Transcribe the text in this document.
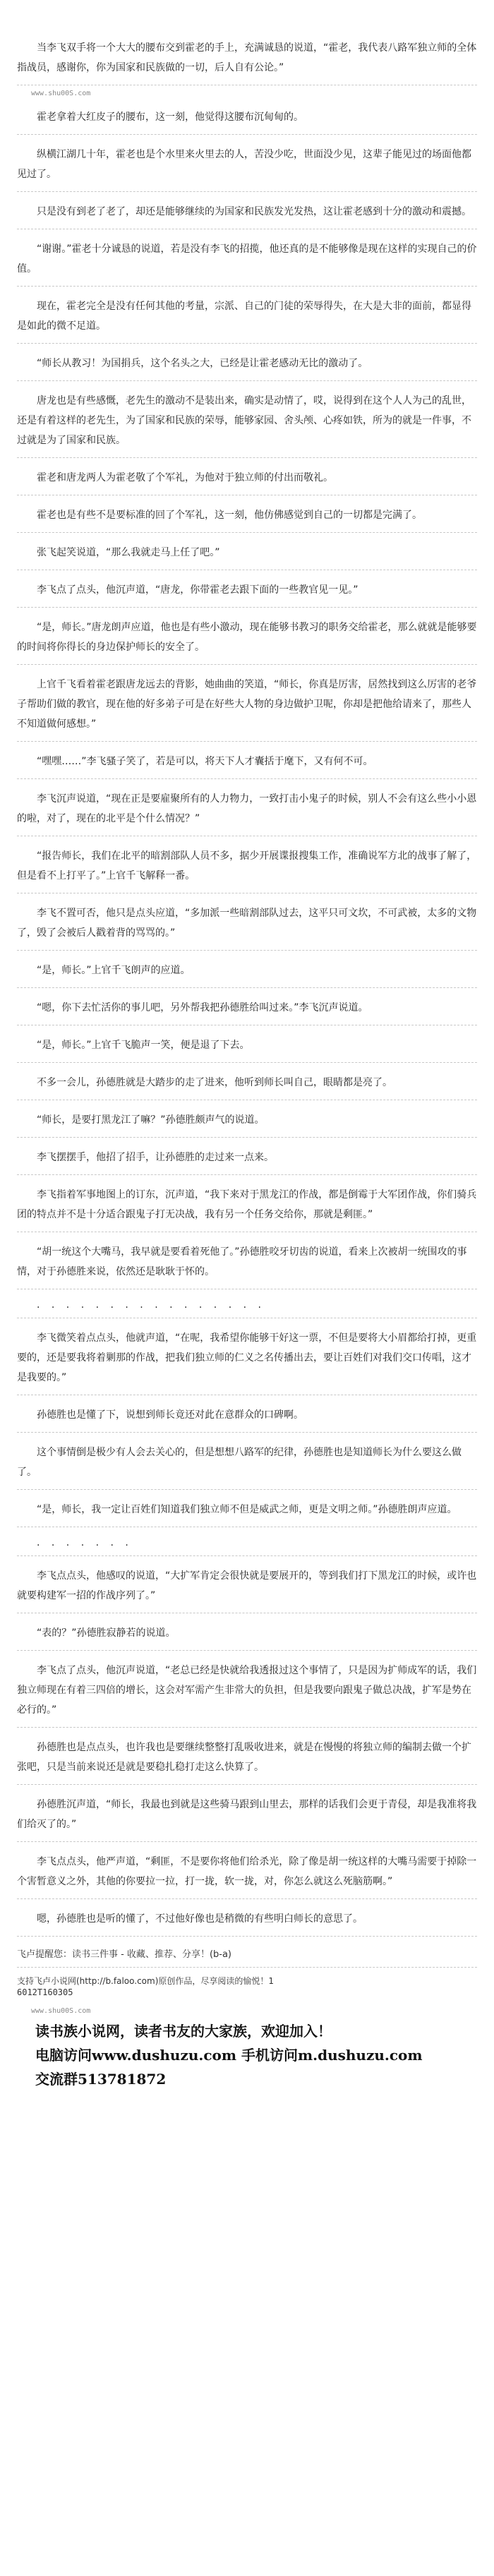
当李飞双手将一个大大的腰布交到霍老的手上，充满诚恳的说道，“霍老，我代表八路军独立师的全体指战员，感谢你，你为国家和民族做的一切，后人自有公论。”
www.shu00S.com
霍老拿着大红皮子的腰布，这一刻，他觉得这腰布沉甸甸的。
纵横江湖几十年，霍老也是个水里来火里去的人，苦没少吃，世面没少见，这辈子能见过的场面他都见过了。
只是没有到老了老了，却还是能够继续的为国家和民族发光发热，这让霍老感到十分的激动和震撼。
“谢谢。”霍老十分诚恳的说道，若是没有李飞的招揽，他还真的是不能够像是现在这样的实现自己的价值。
现在，霍老完全是没有任何其他的考量，宗派、自己的门徒的荣辱得失，在大是大非的面前，都显得是如此的微不足道。
“师长从教习！为国捐兵，这个名头之大，已经是让霍老感动无比的激动了。
唐龙也是有些感慨，老先生的激动不是装出来，确实是动情了，哎，说得到在这个人人为己的乱世，还是有着这样的老先生，为了国家和民族的荣辱，能够家园、舍头颅、心疼如铁，所为的就是一件事，不过就是为了国家和民族。
霍老和唐龙两人为霍老敬了个军礼，为他对于独立师的付出而敬礼。
霍老也是有些不是要标准的回了个军礼，这一刻，他仿佛感觉到自己的一切都是完满了。
张飞起笑说道，“那么我就走马上任了吧。”
李飞点了点头，他沉声道，“唐龙，你带霍老去跟下面的一些教官见一见。”
“是，师长。”唐龙朗声应道，他也是有些小激动，现在能够书教习的职务交给霍老，那么就就是能够要的时间将你得长的身边保护师长的安全了。
上官千飞看着霍老跟唐龙远去的背影，她曲曲的笑道，“师长，你真是厉害，居然找到这么厉害的老爷子帮助们做的教官，现在他的好多弟子可是在好些大人物的身边做护卫呢，你却是把他给请来了，那些人不知道做何感想。”
“嘿嘿……”李飞骚子笑了，若是可以，将天下人才囊括于麾下，又有何不可。
李飞沉声说道，“现在正是要雇聚所有的人力物力，一致打击小鬼子的时候，别人不会有这么些小小恩的啦，对了，现在的北平是个什么情况？”
“报告师长，我们在北平的暗割部队人员不多，据少开展谍报搜集工作，准确说军方北的战事了解了，但是看不上打平了。”上官千飞解释一番。
李飞不置可否，他只是点头应道，“多加派一些暗割部队过去，这平只可文坎，不可武被，太多的文物了，毁了会被后人戳着背的骂骂的。”
“是，师长。”上官千飞朗声的应道。
“嗯，你下去忙活你的事儿吧，另外帮我把孙德胜给叫过来。”李飞沉声说道。
“是，师长。”上官千飞脆声一笑，便是退了下去。
不多一会儿，孙德胜就是大踏步的走了进来，他听到师长叫自己，眼睛都是亮了。
“师长，是要打黑龙江了嘛？”孙德胜颇声气的说道。
李飞摆摆手，他招了招手，让孙德胜的走过来一点来。
李飞指着军事地图上的订东，沉声道，“我下来对于黑龙江的作战，都是倒霉于大军团作战，你们骑兵团的特点并不是十分适合跟鬼子打无决战，我有另一个任务交给你，那就是剩匪。”
“胡一统这个大嘴马，我早就是要看着死他了。”孙德胜咬牙切齿的说道，看来上次被胡一统围攻的事情，对于孙德胜来说，依然还是耿耿于怀的。
. . . . . . . . . . . . . . . .
李飞微笑着点点头，他就声道，“在呢，我希望你能够干好这一票，不但是要将大小眉都给打掉，更重要的，还是要我将着剿那的作战，把我们独立师的仁义之名传播出去，要让百姓们对我们交口传唱，这才是我要的。”
孙德胜也是懂了下，说想到师长竟还对此在意群众的口碑啊。
这个事情倒是极少有人会去关心的，但是想想八路军的纪律，孙德胜也是知道师长为什么要这么做了。
“是，师长，我一定让百姓们知道我们独立师不但是威武之师，更是文明之师。”孙德胜朗声应道。
. . . . . . .
李飞点点头，他感叹的说道，“大扩军肯定会很快就是要展开的，等到我们打下黑龙江的时候，或许也就要构建军一招的作战序列了。”
“表的？”孙德胜寂静若的说道。
李飞点了点头，他沉声说道，“老总已经是快就给我透报过这个事情了，只是因为扩师成军的话，我们独立师现在有着三四倍的增长，这会对军需产生非常大的负担，但是我要向跟鬼子做总决战，扩军是势在必行的。”
孙德胜也是点点头，也许我也是要继续整整打乱吸收进来，就是在慢慢的将独立师的编制去做一个扩张吧，只是当前来说还是就是要稳扎稳打走这么快算了。
孙德胜沉声道，“师长，我最也到就是这些骑马跟到山里去，那样的话我们会更于青侵，却是我准将我们给灭了的。”
李飞点点头，他严声道，“剩匪，不是要你将他们给杀光，除了像是胡一统这样的大嘴马需要于掉除一个害暂意义之外，其他的你要拉一拉，打一拢，软一拢，对，你怎么就这么死脑筋啊。”
嗯，孙德胜也是听的懂了，不过他好像也是稍微的有些明白师长的意思了。
飞卢提醒您：读书三件事 - 收藏、推荐、分享！(b-a)
支持飞卢小说网(http://b.faloo.com)原创作品，尽享阅读的愉悦！1
6012T160305
www.shu00S.com
读书族小说网，读者书友的大家族，欢迎加入！
电脑访问www.dushuzu.com 手机访问m.dushuzu.com
交流群513781872
